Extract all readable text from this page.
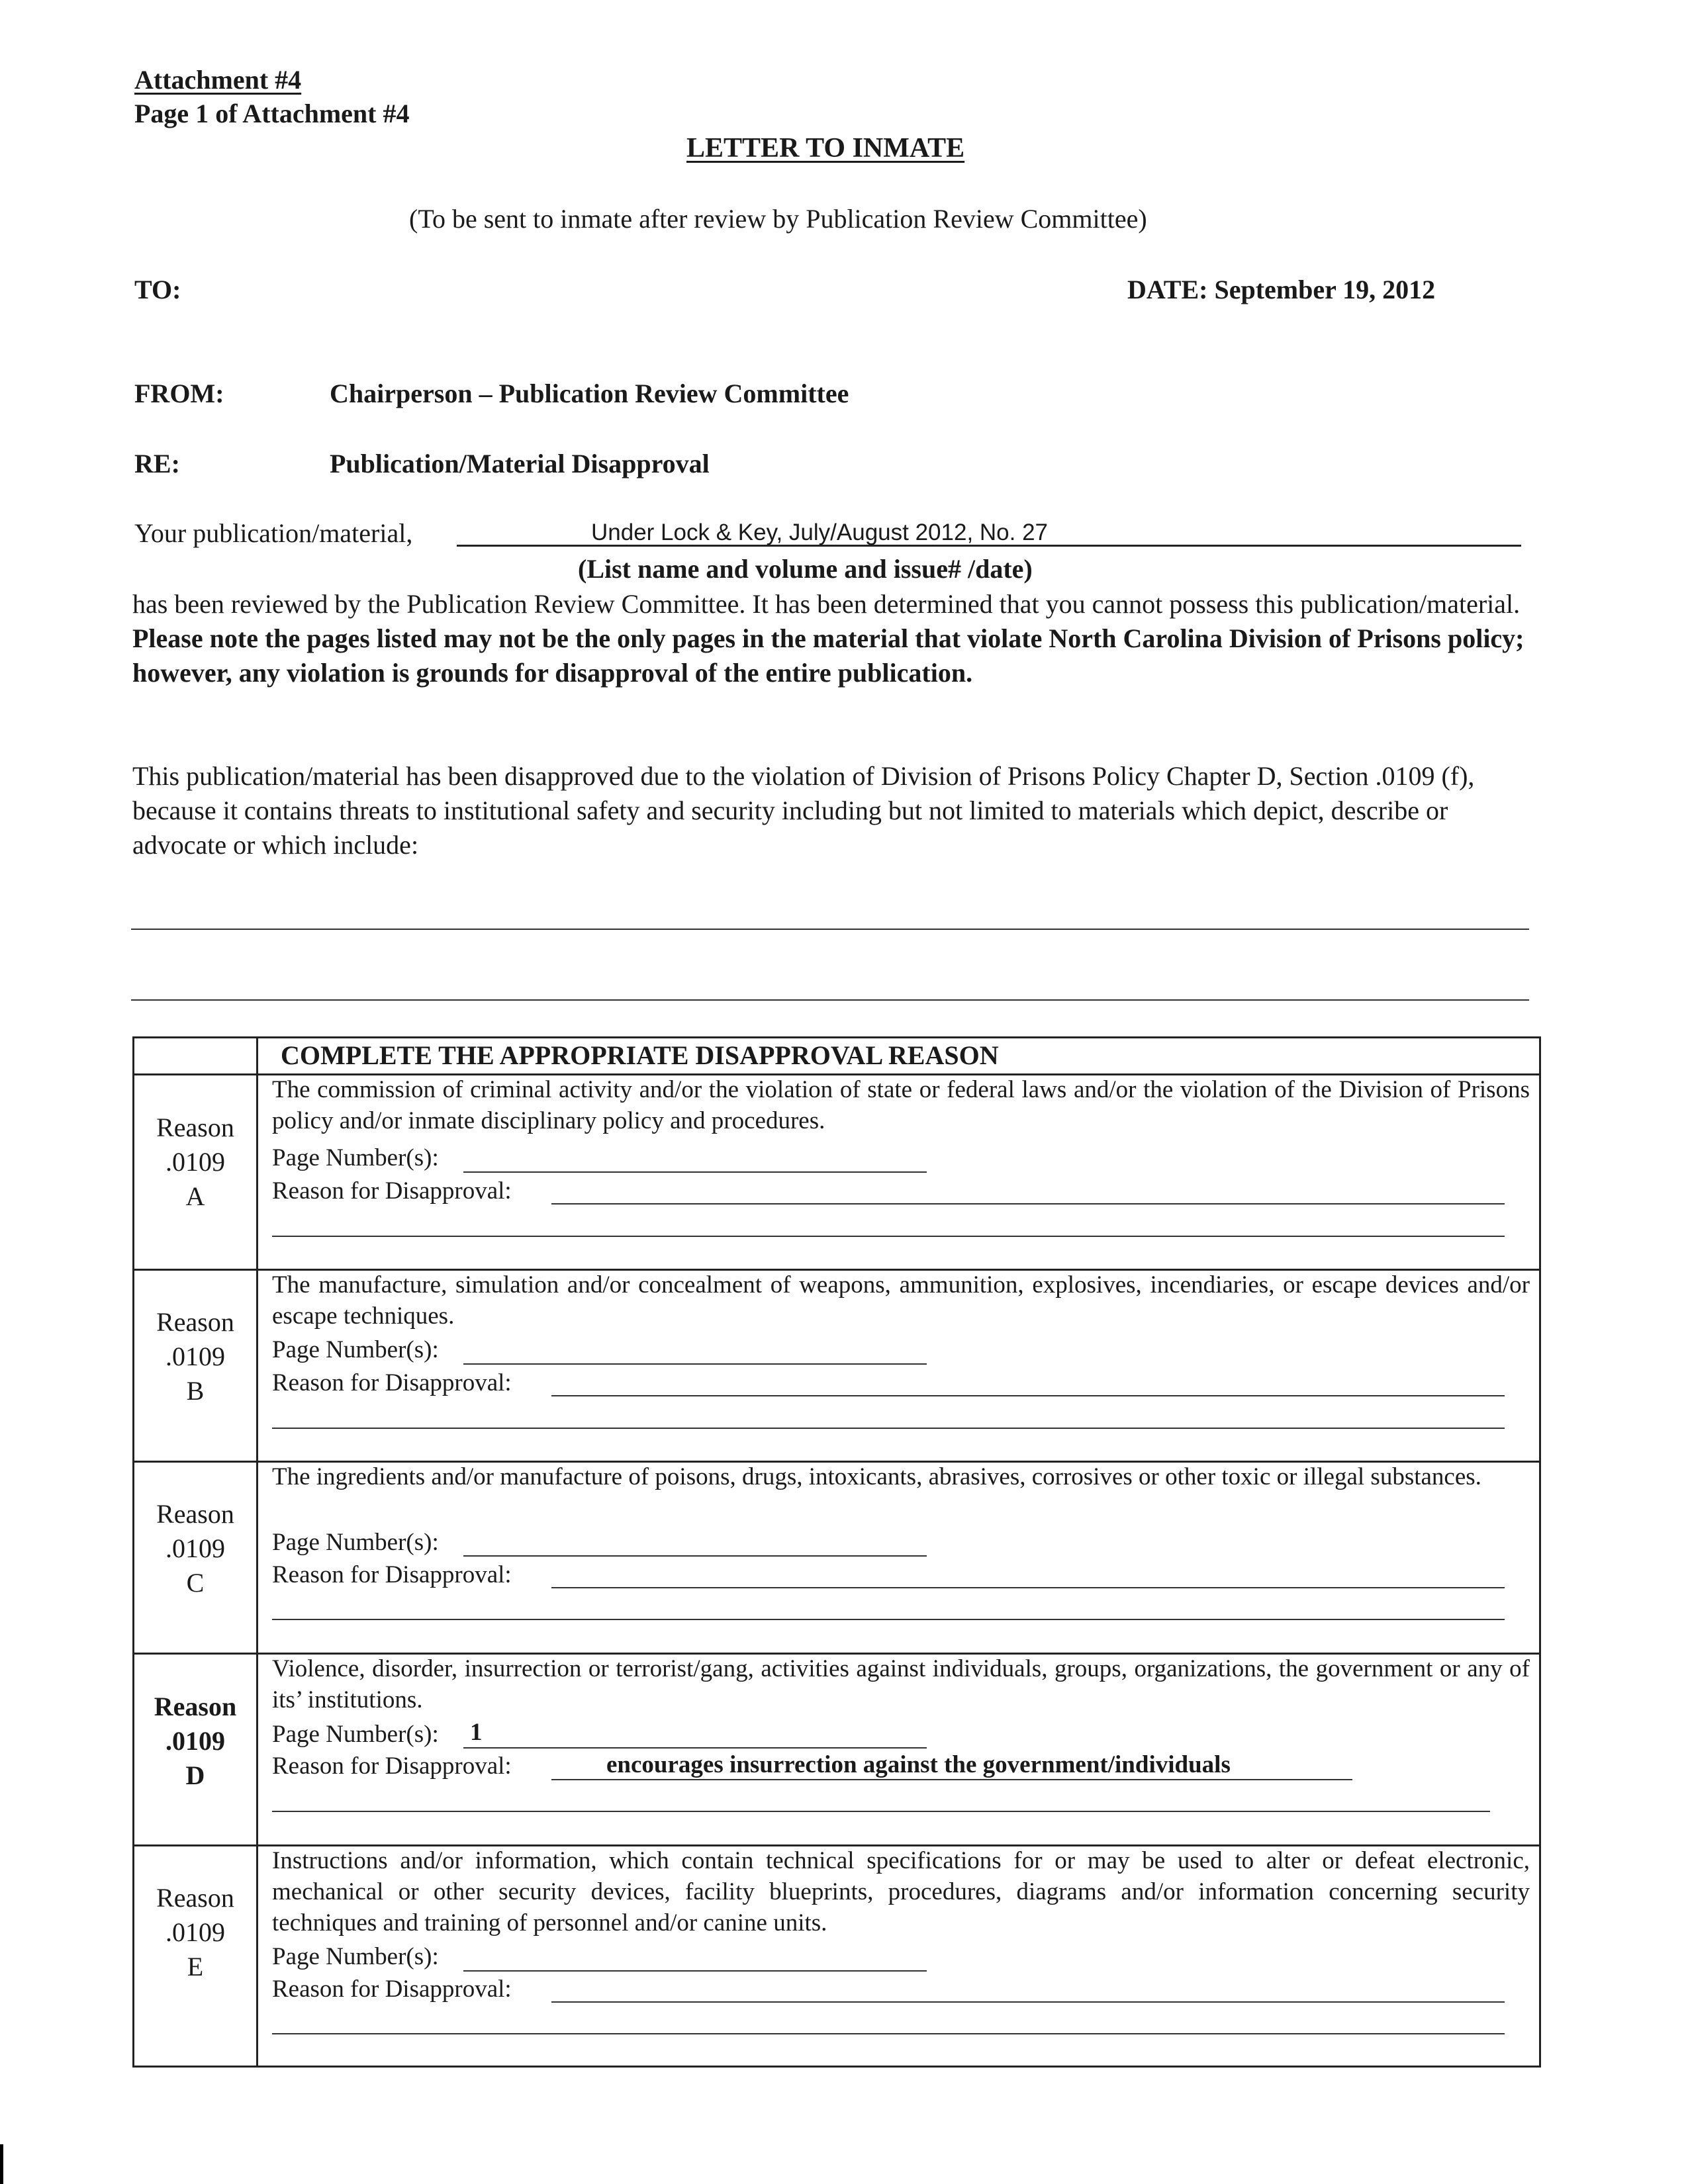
Attachment #4
Page 1 of Attachment #4
LETTER TO INMATE
(To be sent to inmate after review by Publication Review Committee)
TO:	DATE: September 19, 2012
FROM:	Chairperson – Publication Review Committee
RE:	Publication/Material Disapproval
Your publication/material,	Under Lock & Key, July/August 2012, No. 27
(List name and volume and issue# /date)
has been reviewed by the Publication Review Committee. It has been determined that you cannot possess this publication/material. Please note the pages listed may not be the only pages in the material that violate North Carolina Division of Prisons policy; however, any violation is grounds for disapproval of the entire publication.
This publication/material has been disapproved due to the violation of Division of Prisons Policy Chapter D, Section .0109 (f), because it contains threats to institutional safety and security including but not limited to materials which depict, describe or advocate or which include:
COMPLETE THE APPROPRIATE DISAPPROVAL REASON
Reason
.0109
A
The commission of criminal activity and/or the violation of state or federal laws and/or the violation of the Division of Prisons policy and/or inmate disciplinary policy and procedures.
Page Number(s):
Reason for Disapproval:
Reason
.0109
B
The manufacture, simulation and/or concealment of weapons, ammunition, explosives, incendiaries, or escape devices and/or escape techniques.
Page Number(s):
Reason for Disapproval:
Reason
.0109
C
The ingredients and/or manufacture of poisons, drugs, intoxicants, abrasives, corrosives or other toxic or illegal substances.
Page Number(s):
Reason for Disapproval:
Reason
.0109
D
Violence, disorder, insurrection or terrorist/gang, activities against individuals, groups, organizations, the government or any of its’ institutions.
Page Number(s): 1
Reason for Disapproval:	encourages insurrection against the government/individuals
Reason
.0109
E
Instructions and/or information, which contain technical specifications for or may be used to alter or defeat electronic, mechanical or other security devices, facility blueprints, procedures, diagrams and/or information concerning security techniques and training of personnel and/or canine units.
Page Number(s):
Reason for Disapproval:
